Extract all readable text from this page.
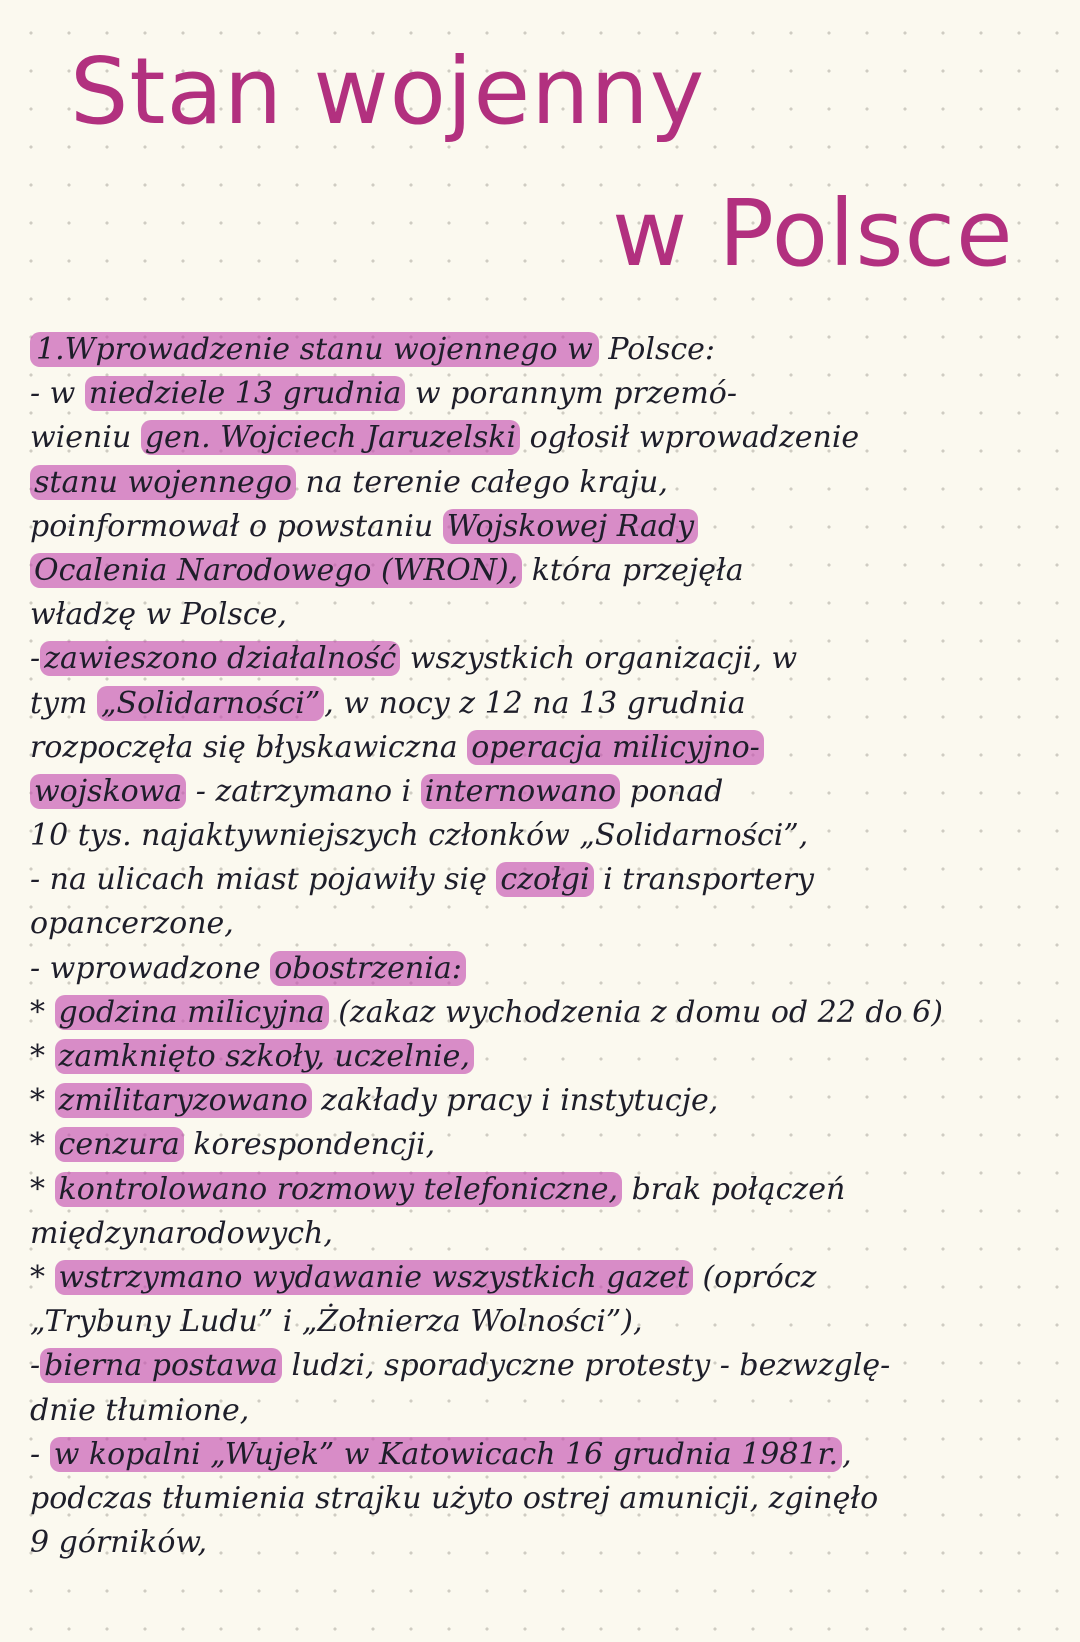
Stan wojenny
w Polsce
1.Wprowadzenie stanu wojennego w Polsce:
- w niedziele 13 grudnia w porannym przemó-
wieniu gen. Wojciech Jaruzelski ogłosił wprowadzenie
stanu wojennego na terenie całego kraju,
poinformował o powstaniu Wojskowej Rady
Ocalenia Narodowego (WRON), która przejęła
władzę w Polsce,
- zawieszono działalność wszystkich organizacji, w
tym „Solidarności” , w nocy z 12 na 13 grudnia
rozpoczęła się błyskawiczna operacja milicyjno-
wojskowa - zatrzymano i internowano ponad
10 tys. najaktywniejszych członków „Solidarności”,
- na ulicach miast pojawiły się czołgi i transportery
opancerzone,
- wprowadzone obostrzenia:
* godzina milicyjna (zakaz wychodzenia z domu od 22 do 6)
* zamknięto szkoły, uczelnie,
* zmilitaryzowano zakłady pracy i instytucje,
* cenzura korespondencji,
* kontrolowano rozmowy telefoniczne, brak połączeń
międzynarodowych,
* wstrzymano wydawanie wszystkich gazet (oprócz
„Trybuny Ludu” i „Żołnierza Wolności”),
- bierna postawa ludzi, sporadyczne protesty - bezwzglę-
dnie tłumione,
- w kopalni „Wujek” w Katowicach 16 grudnia 1981r. ,
podczas tłumienia strajku użyto ostrej amunicji, zginęło
9 górników,
